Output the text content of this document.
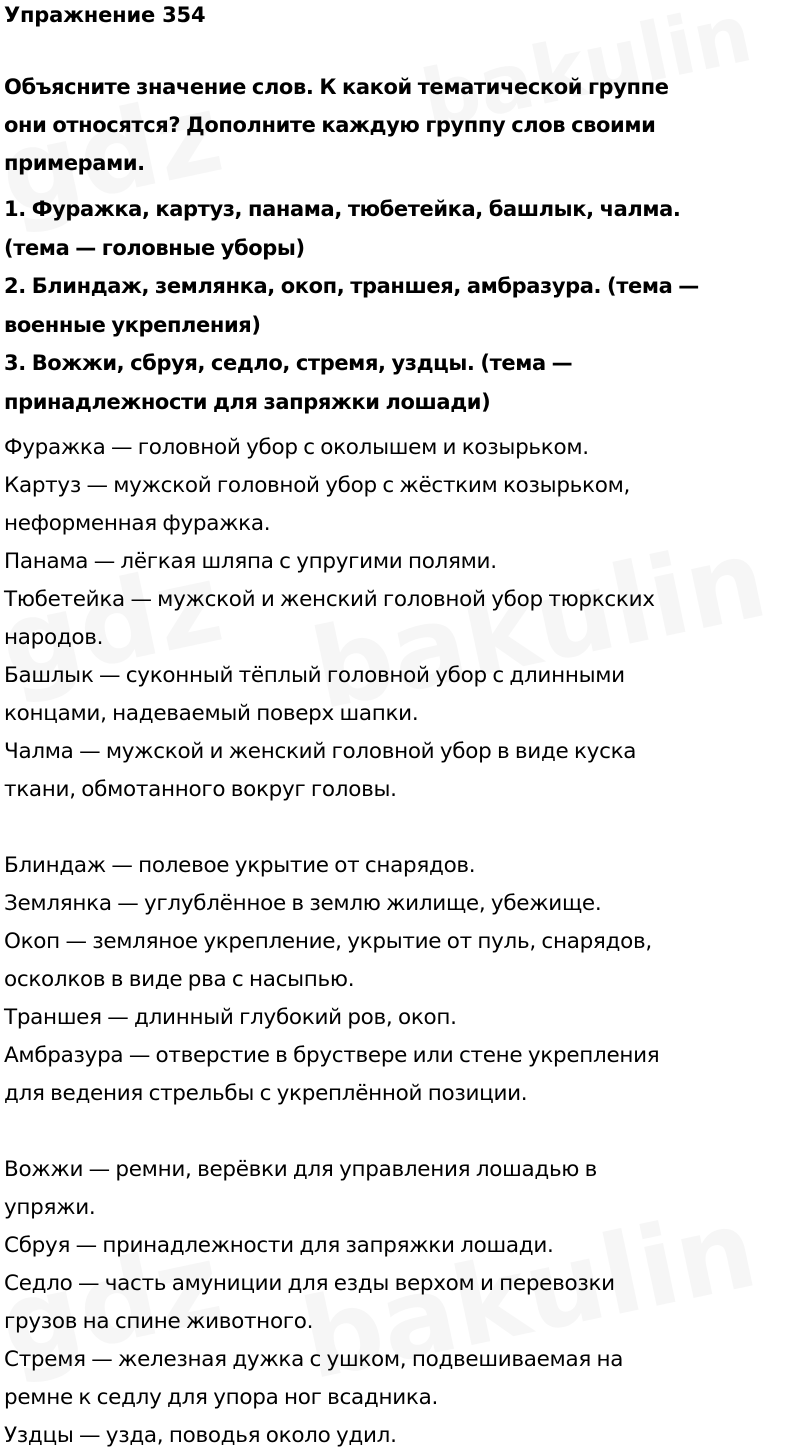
Упражнение 354
Объясните значение слов. К какой тематической группе
они относятся? Дополните каждую группу слов своими
примерами.
1. Фуражка, картуз, панама, тюбетейка, башлык, чалма.
(тема — головные уборы)
2. Блиндаж, землянка, окоп, траншея, амбразура. (тема —
военные укрепления)
3. Вожжи, сбруя, седло, стремя, уздцы. (тема —
принадлежности для запряжки лошади)
Фуражка — головной убор с околышем и козырьком.
Картуз — мужской головной убор с жёстким козырьком,
неформенная фуражка.
Панама — лёгкая шляпа с упругими полями.
Тюбетейка — мужской и женский головной убор тюркских
народов.
Башлык — суконный тёплый головной убор с длинными
концами, надеваемый поверх шапки.
Чалма — мужской и женский головной убор в виде куска
ткани, обмотанного вокруг головы.
Блиндаж — полевое укрытие от снарядов.
Землянка — углублённое в землю жилище, убежище.
Окоп — земляное укрепление, укрытие от пуль, снарядов,
осколков в виде рва с насыпью.
Траншея — длинный глубокий ров, окоп.
Амбразура — отверстие в бруствере или стене укрепления
для ведения стрельбы с укреплённой позиции.
Вожжи — ремни, верёвки для управления лошадью в
упряжи.
Сбруя — принадлежности для запряжки лошади.
Седло — часть амуниции для езды верхом и перевозки
грузов на спине животного.
Стремя — железная дужка с ушком, подвешиваемая на
ремне к седлу для упора ног всадника.
Уздцы — узда, поводья около удил.
